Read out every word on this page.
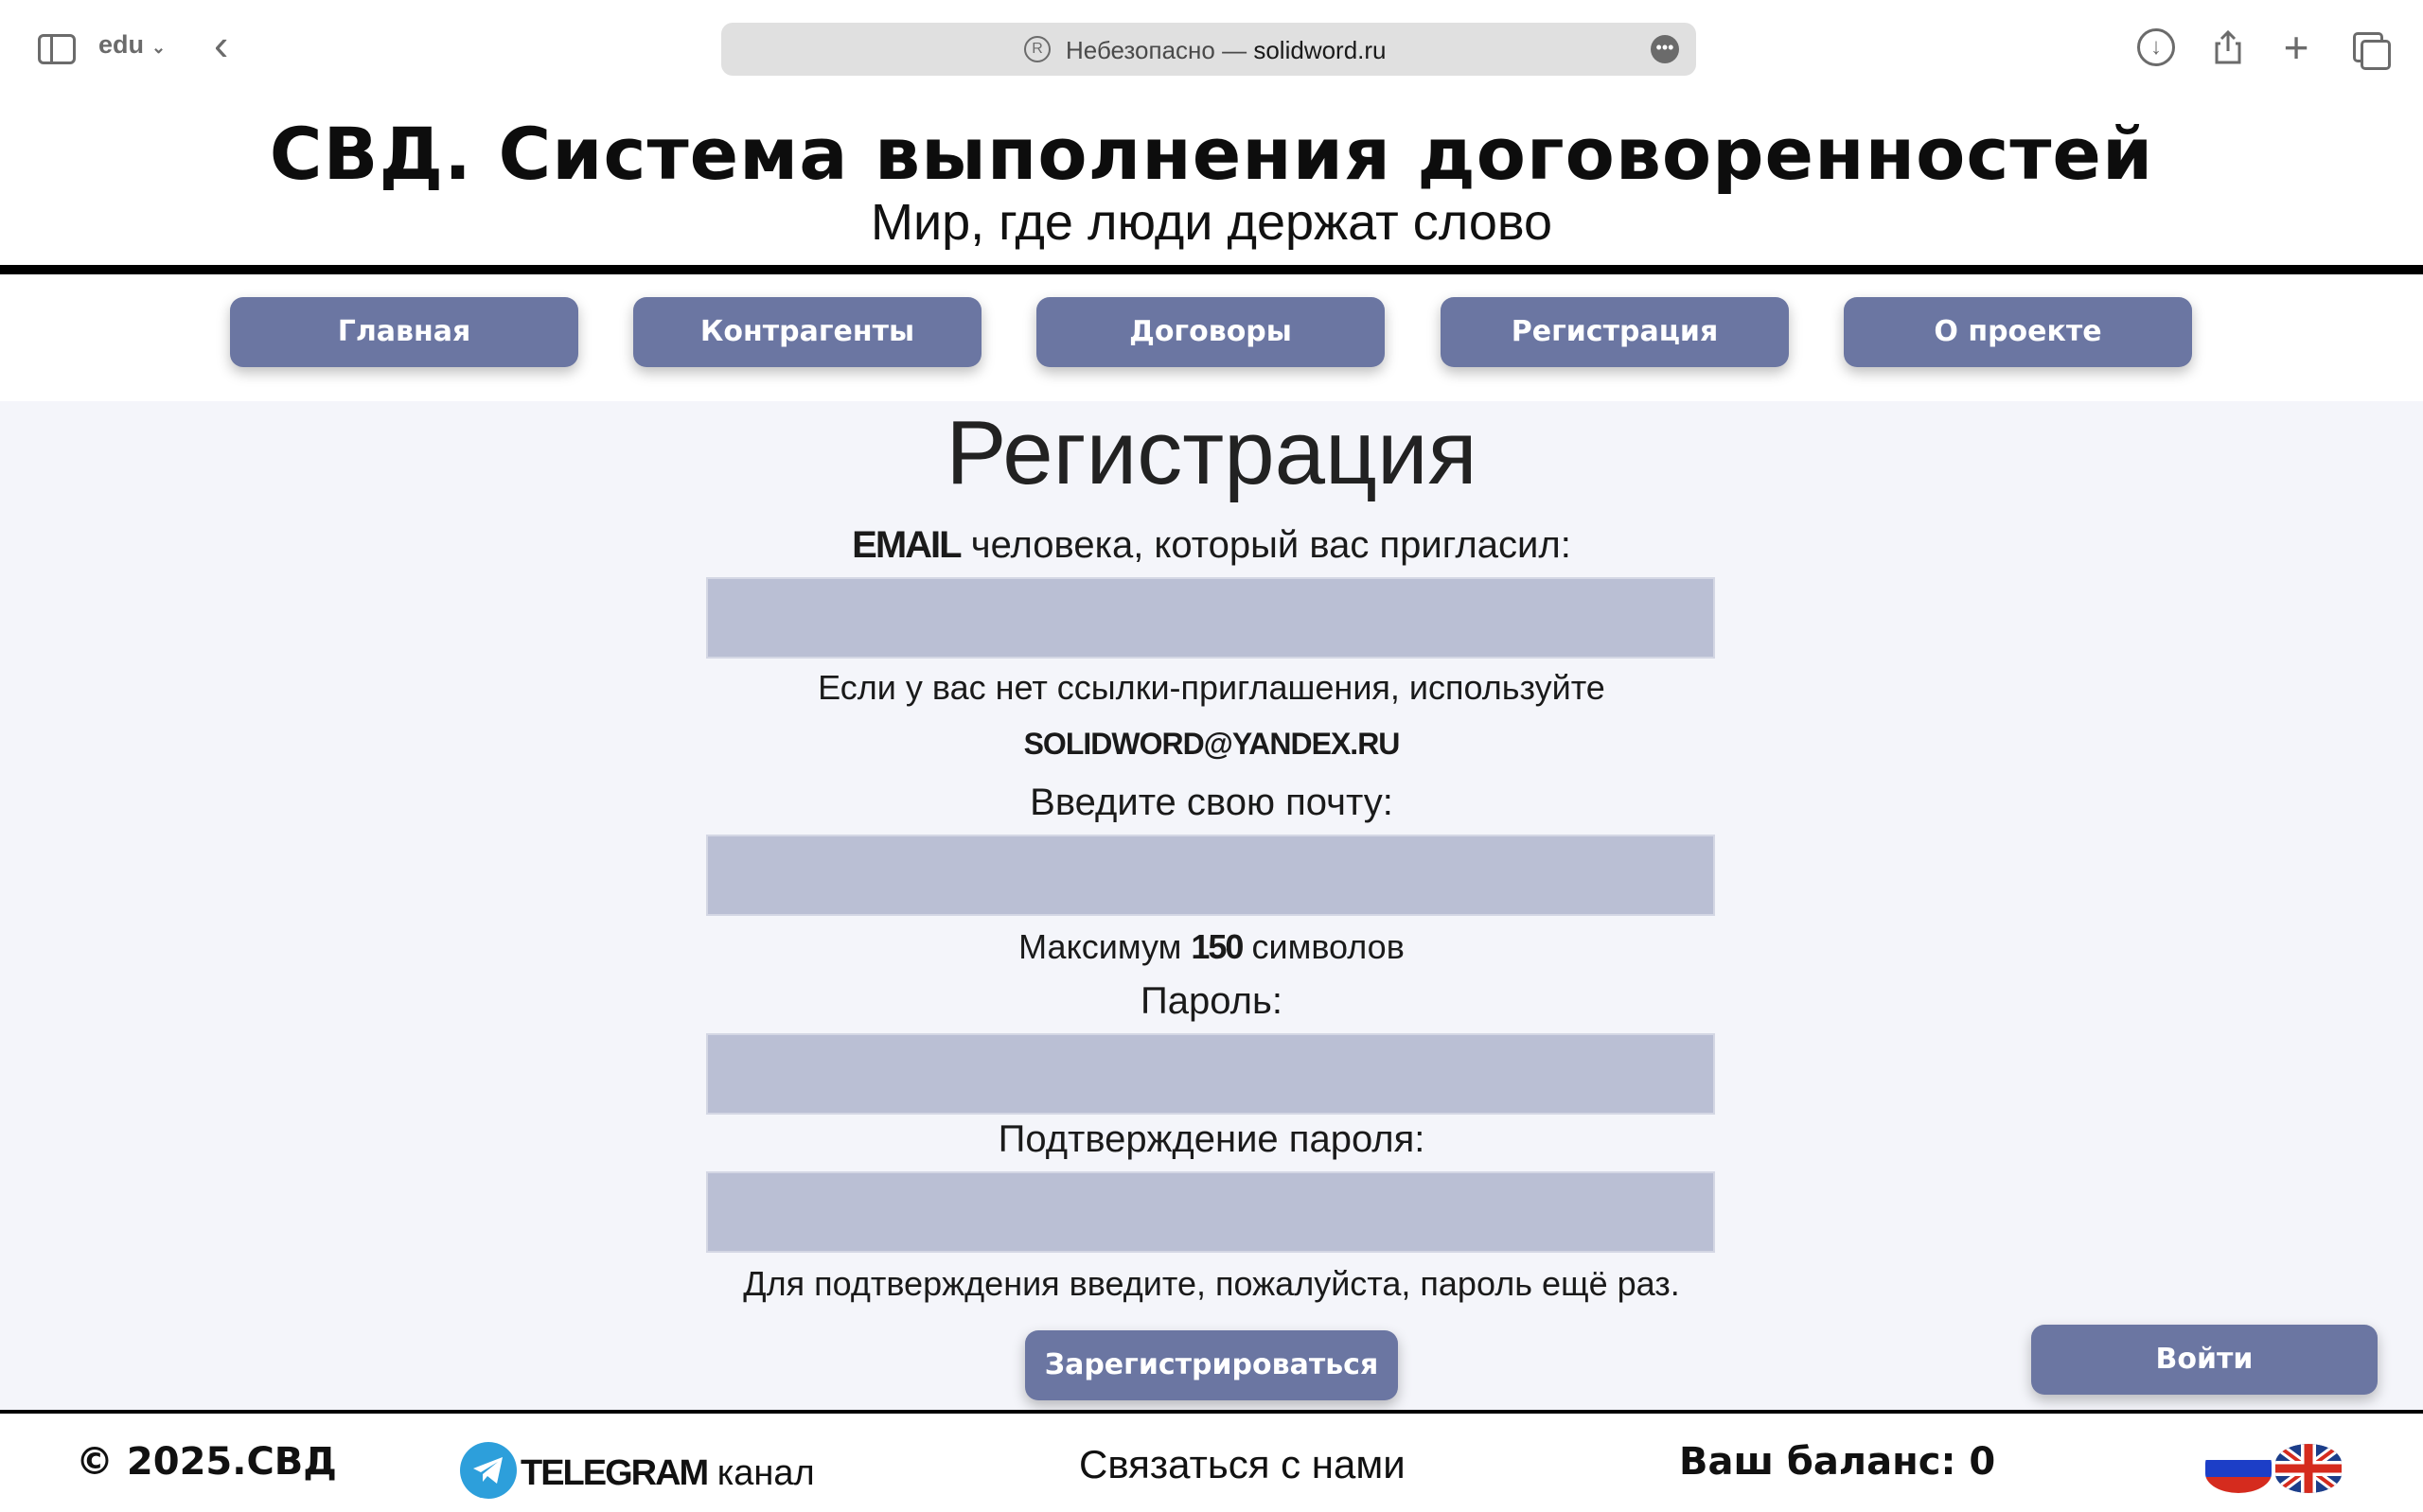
edu ⌄ ‹	R Небезопасно — solidword.ru	•••	↓	+
СВД. Система выполнения договоренностей
Мир, где люди держат слово
Главная	Контрагенты	Договоры	Регистрация	О проекте
Регистрация
EMAIL человека, который вас пригласил:
Если у вас нет ссылки-приглашения, используйте
SOLIDWORD@YANDEX.RU
Введите свою почту:
Максимум 150 символов
Пароль:
Подтверждение пароля:
Для подтверждения введите, пожалуйста, пароль ещё раз.
Зарегистрироваться	Войти
© 2025.СВД	TELEGRAM канал	Связаться с нами	Ваш баланс: 0
